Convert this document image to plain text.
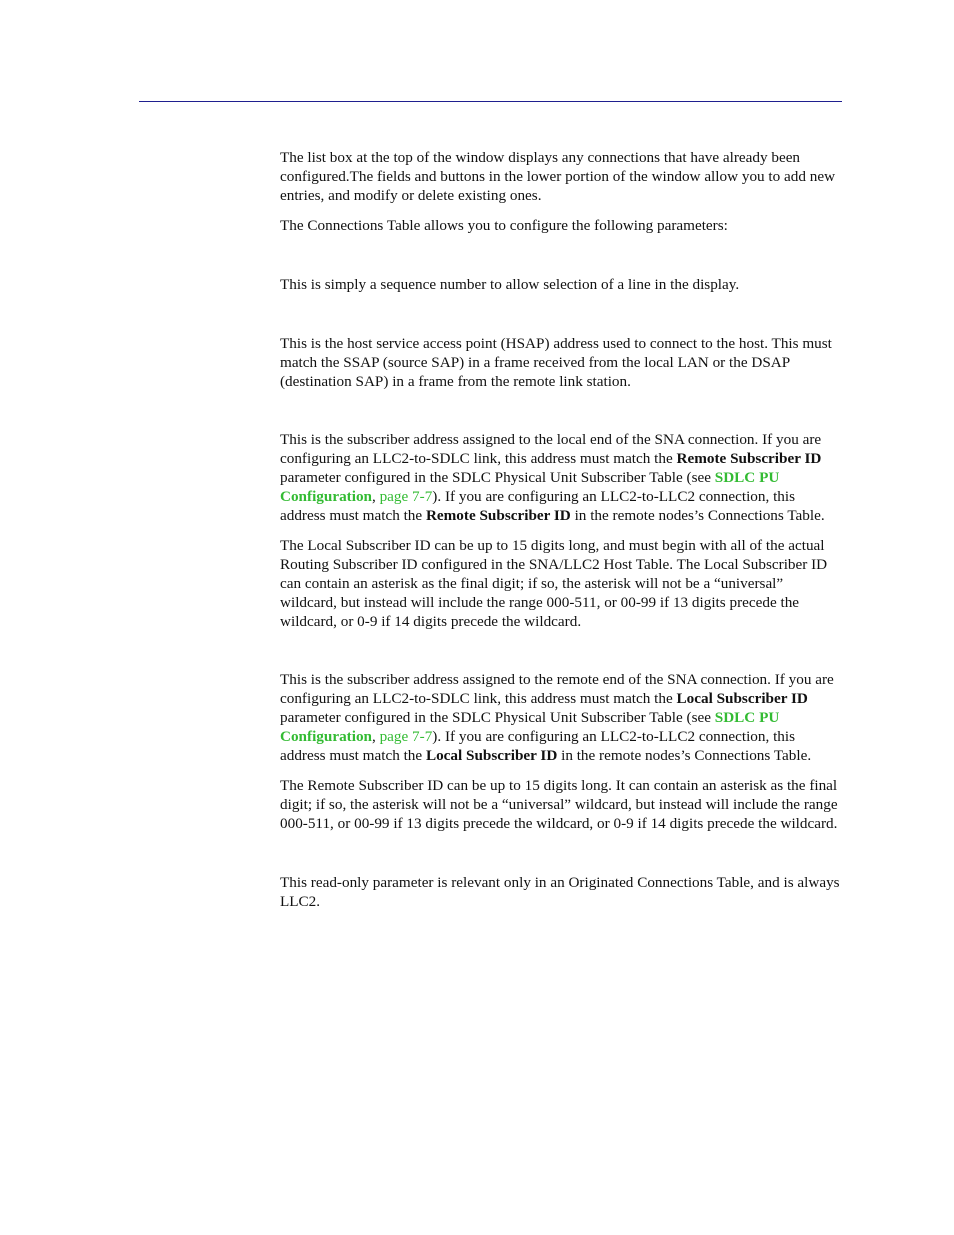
The list box at the top of the window displays any connections that have already been configured.The fields and buttons in the lower portion of the window allow you to add new entries, and modify or delete existing ones.

The Connections Table allows you to configure the following parameters:

This is simply a sequence number to allow selection of a line in the display.

This is the host service access point (HSAP) address used to connect to the host. This must match the SSAP (source SAP) in a frame received from the local LAN or the DSAP (destination SAP) in a frame from the remote link station.

This is the subscriber address assigned to the local end of the SNA connection. If you are configuring an LLC2-to-SDLC link, this address must match the Remote Subscriber ID parameter configured in the SDLC Physical Unit Subscriber Table (see SDLC PU Configuration, page 7-7). If you are configuring an LLC2-to-LLC2 connection, this address must match the Remote Subscriber ID in the remote nodes’s Connections Table.

The Local Subscriber ID can be up to 15 digits long, and must begin with all of the actual Routing Subscriber ID configured in the SNA/LLC2 Host Table. The Local Subscriber ID can contain an asterisk as the final digit; if so, the asterisk will not be a “universal” wildcard, but instead will include the range 000-511, or 00-99 if 13 digits precede the wildcard, or 0-9 if 14 digits precede the wildcard.

This is the subscriber address assigned to the remote end of the SNA connection. If you are configuring an LLC2-to-SDLC link, this address must match the Local Subscriber ID parameter configured in the SDLC Physical Unit Subscriber Table (see SDLC PU Configuration, page 7-7). If you are configuring an LLC2-to-LLC2 connection, this address must match the Local Subscriber ID in the remote nodes’s Connections Table.

The Remote Subscriber ID can be up to 15 digits long. It can contain an asterisk as the final digit; if so, the asterisk will not be a “universal” wildcard, but instead will include the range 000-511, or 00-99 if 13 digits precede the wildcard, or 0-9 if 14 digits precede the wildcard.

This read-only parameter is relevant only in an Originated Connections Table, and is always LLC2.
